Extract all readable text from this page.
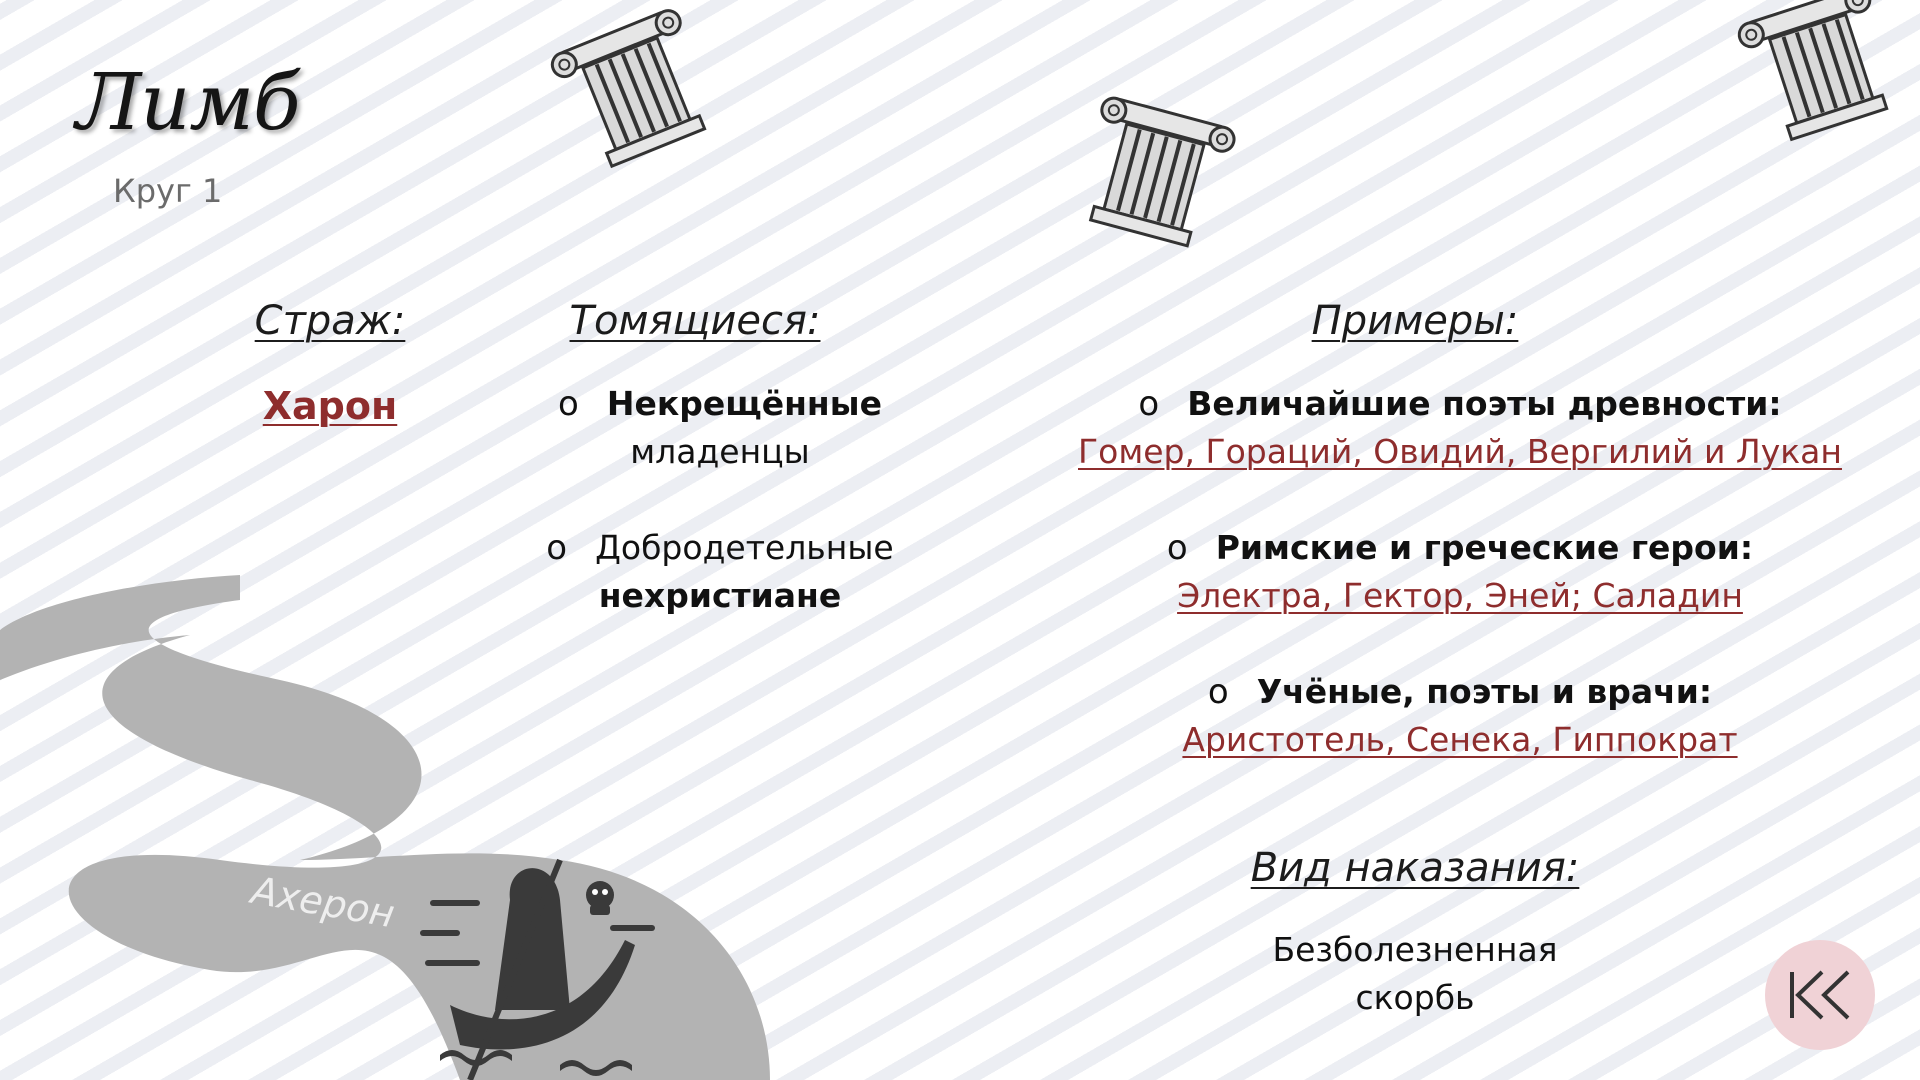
Лимб
Круг 1
Ахерон
Страж:
Харон
Томящиеся:
o Некрещённые
младенцы
o Добродетельные
нехристиане
Примеры:
o Величайшие поэты древности:
Гомер, Гораций, Овидий, Вергилий и Лукан
o Римские и греческие герои:
Электра, Гектор, Эней; Саладин
o Учёные, поэты и врачи:
Аристотель, Сенека, Гиппократ
Вид наказания:
Безболезненная
скорбь
